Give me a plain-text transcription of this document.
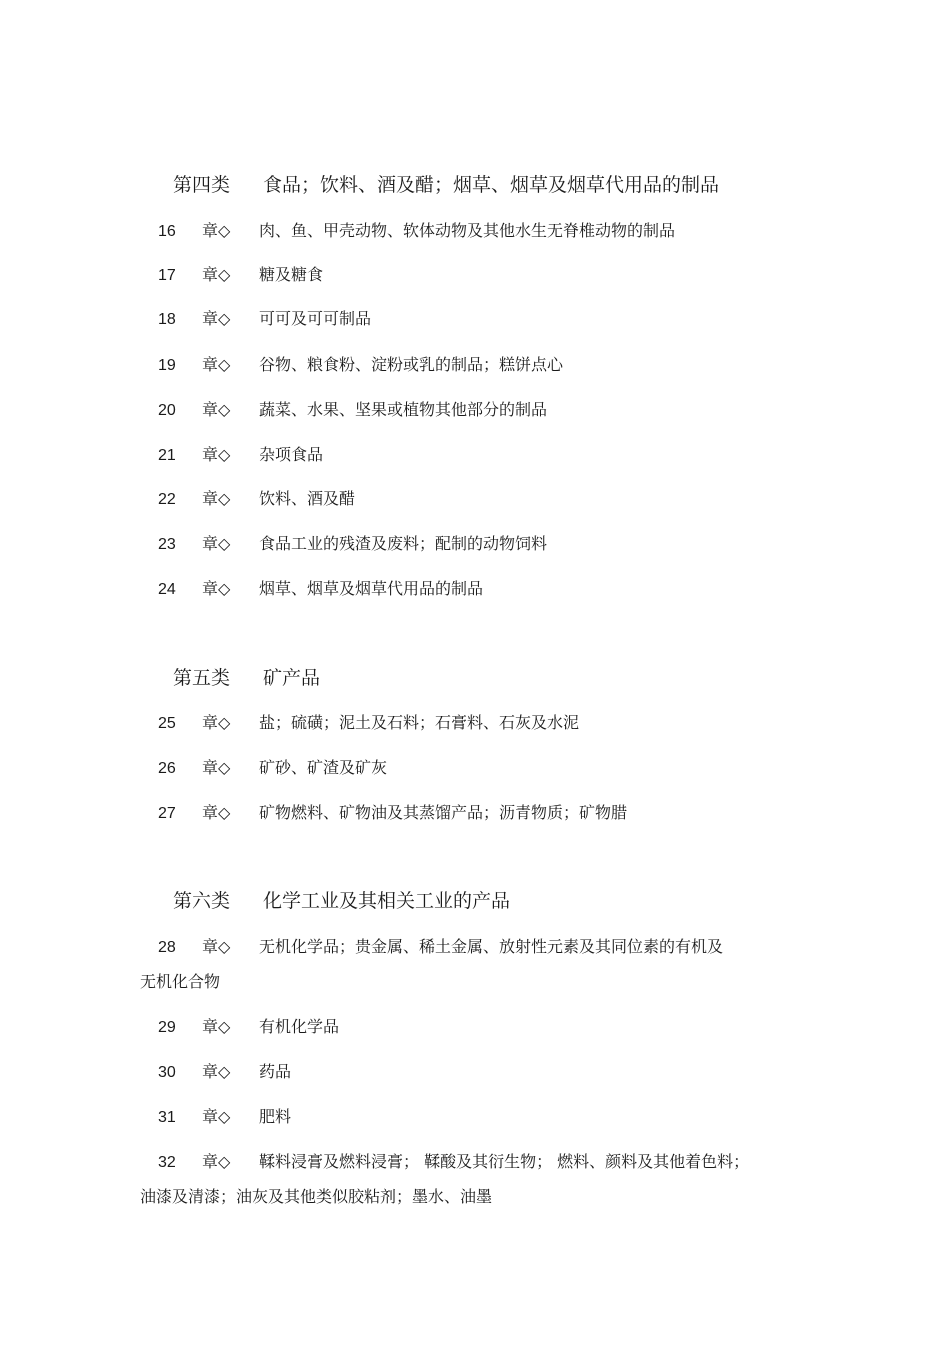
第四类 食品；饮料、酒及醋；烟草、烟草及烟草代用品的制品
16 章◇ 肉、鱼、甲壳动物、软体动物及其他水生无脊椎动物的制品
17 章◇ 糖及糖食
18 章◇ 可可及可可制品
19 章◇ 谷物、粮食粉、淀粉或乳的制品；糕饼点心
20 章◇ 蔬菜、水果、坚果或植物其他部分的制品
21 章◇ 杂项食品
22 章◇ 饮料、酒及醋
23 章◇ 食品工业的残渣及废料；配制的动物饲料
24 章◇ 烟草、烟草及烟草代用品的制品
第五类 矿产品
25 章◇ 盐；硫磺；泥土及石料；石膏料、石灰及水泥
26 章◇ 矿砂、矿渣及矿灰
27 章◇ 矿物燃料、矿物油及其蒸馏产品；沥青物质；矿物腊
第六类 化学工业及其相关工业的产品
28 章◇ 无机化学品；贵金属、稀土金属、放射性元素及其同位素的有机及
无机化合物
29 章◇ 有机化学品
30 章◇ 药品
31 章◇ 肥料
32 章◇ 鞣料浸膏及燃料浸膏； 鞣酸及其衍生物； 燃料、颜料及其他着色料；
油漆及清漆；油灰及其他类似胶粘剂；墨水、油墨
